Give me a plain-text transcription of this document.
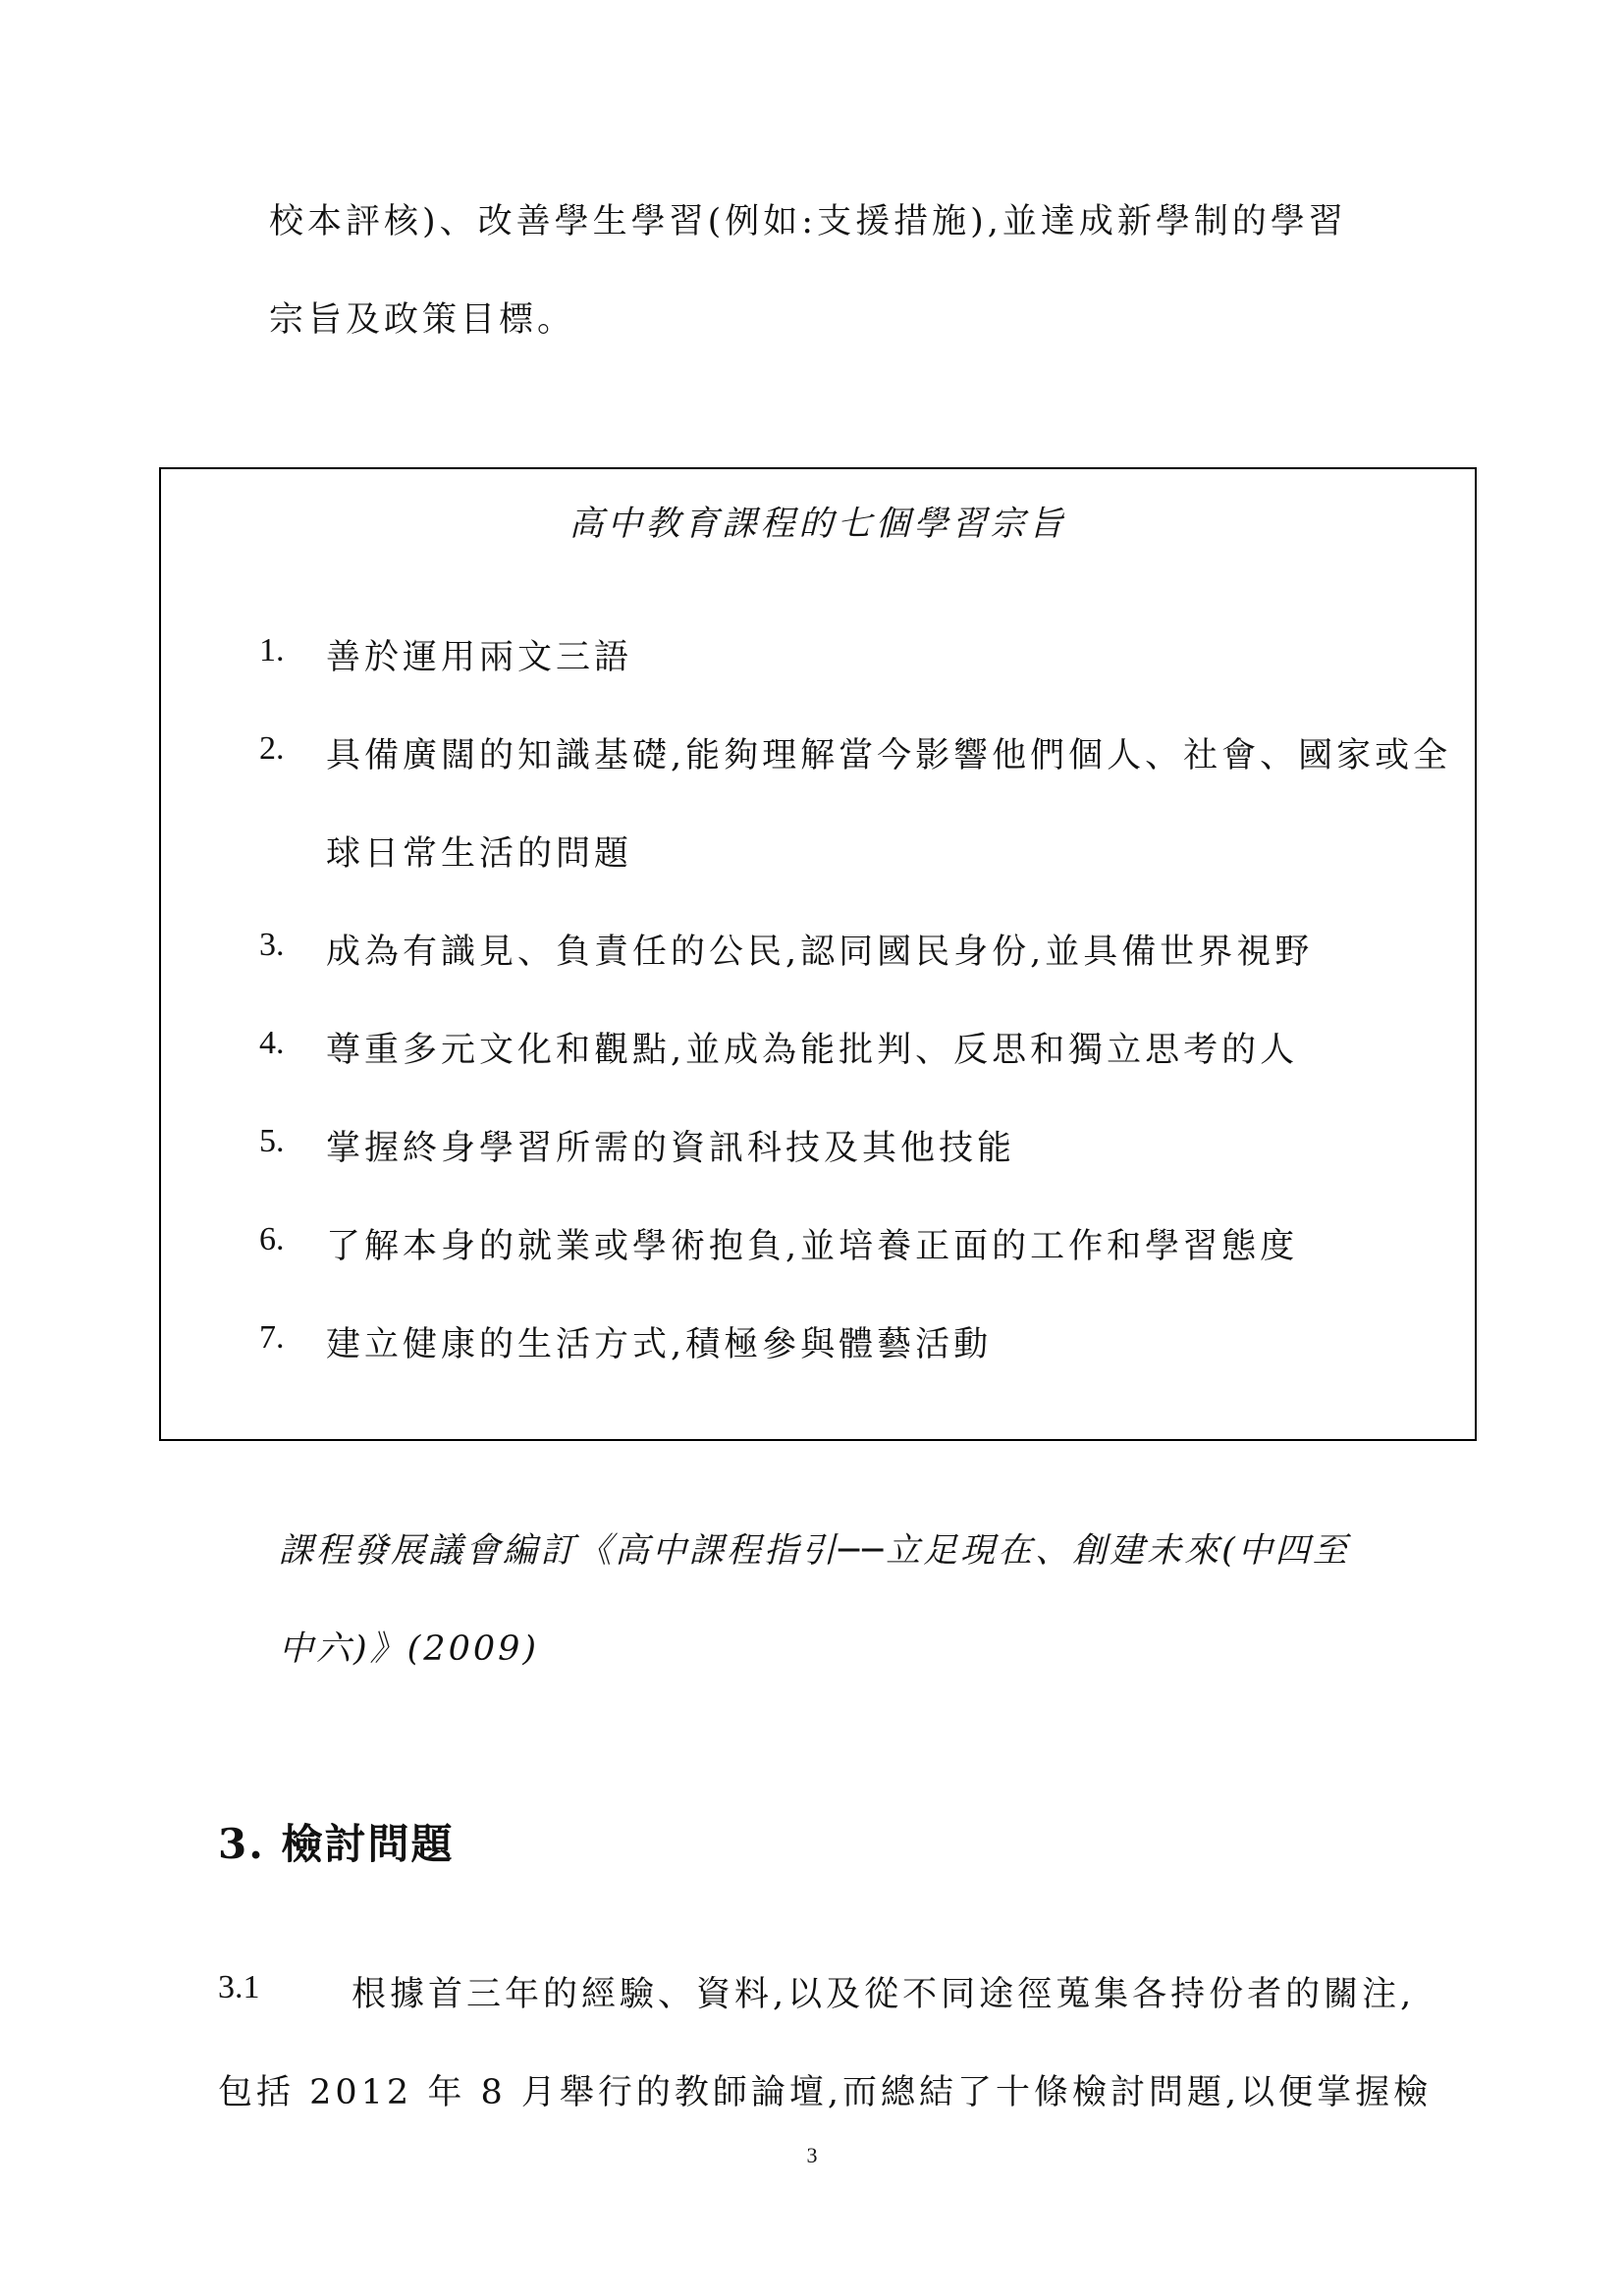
校本評核)、改善學生學習(例如:支援措施),並達成新學制的學習
宗旨及政策目標。
高中教育課程的七個學習宗旨
1. 善於運用兩文三語
2. 具備廣闊的知識基礎,能夠理解當今影響他們個人、社會、國家或全
球日常生活的問題
3. 成為有識見、負責任的公民,認同國民身份,並具備世界視野
4. 尊重多元文化和觀點,並成為能批判、反思和獨立思考的人
5. 掌握終身學習所需的資訊科技及其他技能
6. 了解本身的就業或學術抱負,並培養正面的工作和學習態度
7. 建立健康的生活方式,積極參與體藝活動
課程發展議會編訂《高中課程指引──立足現在、創建未來(中四至
中六)》(2009)
3. 檢討問題
3.1	根據首三年的經驗、資料,以及從不同途徑蒐集各持份者的關注,
包括 2012 年 8 月舉行的教師論壇,而總結了十條檢討問題,以便掌握檢
3
